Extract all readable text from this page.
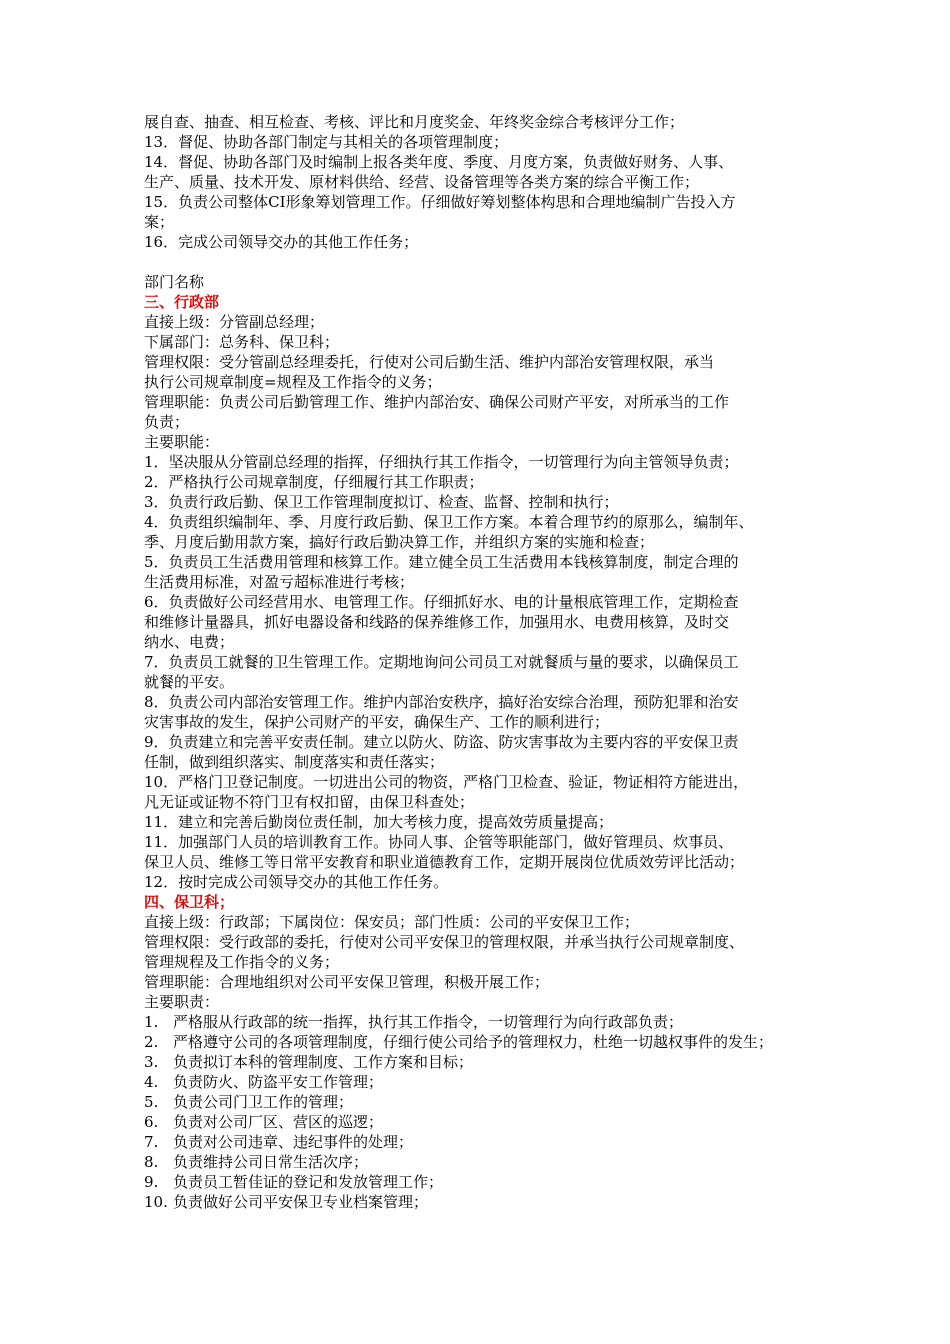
展自查、抽查、相互检查、考核、评比和月度奖金、年终奖金综合考核评分工作；
13．督促、协助各部门制定与其相关的各项管理制度；
14．督促、协助各部门及时编制上报各类年度、季度、月度方案，负责做好财务、人事、
生产、质量、技术开发、原材料供给、经营、设备管理等各类方案的综合平衡工作；
15．负责公司整体CI形象筹划管理工作。仔细做好筹划整体构思和合理地编制广告投入方
案；
16．完成公司领导交办的其他工作任务；
部门名称
三、行政部
直接上级：分管副总经理；
下属部门：总务科、保卫科；
管理权限：受分管副总经理委托，行使对公司后勤生活、维护内部治安管理权限，承当
执行公司规章制度=规程及工作指令的义务；
管理职能：负责公司后勤管理工作、维护内部治安、确保公司财产平安，对所承当的工作
负责；
主要职能：
1．坚决服从分管副总经理的指挥，仔细执行其工作指令，一切管理行为向主管领导负责；
2．严格执行公司规章制度，仔细履行其工作职责；
3．负责行政后勤、保卫工作管理制度拟订、检查、监督、控制和执行；
4．负责组织编制年、季、月度行政后勤、保卫工作方案。本着合理节约的原那么，编制年、
季、月度后勤用款方案，搞好行政后勤决算工作，并组织方案的实施和检查；
5．负责员工生活费用管理和核算工作。建立健全员工生活费用本钱核算制度，制定合理的
生活费用标准，对盈亏超标准进行考核；
6．负责做好公司经营用水、电管理工作。仔细抓好水、电的计量根底管理工作，定期检查
和维修计量器具，抓好电器设备和线路的保养维修工作，加强用水、电费用核算，及时交
纳水、电费；
7．负责员工就餐的卫生管理工作。定期地询问公司员工对就餐质与量的要求，以确保员工
就餐的平安。
8．负责公司内部治安管理工作。维护内部治安秩序，搞好治安综合治理，预防犯罪和治安
灾害事故的发生，保护公司财产的平安，确保生产、工作的顺利进行；
9．负责建立和完善平安责任制。建立以防火、防盗、防灾害事故为主要内容的平安保卫责
任制，做到组织落实、制度落实和责任落实；
10．严格门卫登记制度。一切进出公司的物资，严格门卫检查、验证，物证相符方能进出，
凡无证或证物不符门卫有权扣留，由保卫科查处；
11．建立和完善后勤岗位责任制，加大考核力度，提高效劳质量提高；
11．加强部门人员的培训教育工作。协同人事、企管等职能部门，做好管理员、炊事员、
保卫人员、维修工等日常平安教育和职业道德教育工作，定期开展岗位优质效劳评比活动；
12．按时完成公司领导交办的其他工作任务。
四、保卫科；
直接上级：行政部；下属岗位：保安员；部门性质：公司的平安保卫工作；
管理权限：受行政部的委托，行使对公司平安保卫的管理权限，并承当执行公司规章制度、
管理规程及工作指令的义务；
管理职能：合理地组织对公司平安保卫管理，积极开展工作；
主要职责：
1. 严格服从行政部的统一指挥，执行其工作指令，一切管理行为向行政部负责；
2. 严格遵守公司的各项管理制度，仔细行使公司给予的管理权力，杜绝一切越权事件的发生；
3. 负责拟订本科的管理制度、工作方案和目标；
4. 负责防火、防盗平安工作管理；
5. 负责公司门卫工作的管理；
6. 负责对公司厂区、营区的巡逻；
7. 负责对公司违章、违纪事件的处理；
8. 负责维持公司日常生活次序；
9. 负责员工暂佳证的登记和发放管理工作；
10. 负责做好公司平安保卫专业档案管理；
